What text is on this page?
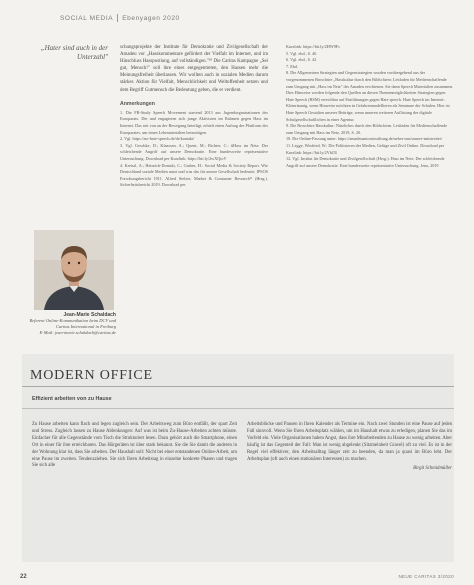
SOCIAL MEDIA Ebenyagen 2020
„Hater sind auch in der Unterzahl"

schungsprojekte der Institute für Demokratie und Zivilgesellschaft der Amadeu vor „Hasskommentare gefördert der Vielfalt im Internet, und im Hinschluss Hasspostiung, auf vollständigen."¹⁰ Die Caritas Kampagne „Sei gut, Mensch!" soll ihre eines entgegentreten, den Hassen mehr die Meinungsfreiheit überlassen. Wir wollten auch in sozialen Medien darum stärker. Aktion für Vielfalt, Menschlichkeit und Weltoffenheit setzen und dem Begriff Gutmensch die Bedeutung geben, die er verdient.

Anmerkungen

1. Die FB-Study Speech Movement startend 2013 aus Jugendorganisationen des Europarats. Die und engagieren sich junge Aktivisten im Rahmen gegen Hass im Internet. Das seit von an der Bewegung beteiligt, erhielt einen Auftrag der Plattform des Europarates, um einen Lehrmaterialien beizuträgen.

2. Vgl. https://no-hate-speech.de/de/kontakt/

3. Vgl. Geschke, D.; Klaassen, A.; Quent, M.; Richter, C.: #Hass im Netz: Der schleichende Angriff auf unsere Demokratie. Eine bundesweite repräsentative Untersuchung. Download per Kurzlink: https://bit.ly/2wXQtoV

4. Kreissl, A.; Heinrich-Domski, C.; Gruber, H.: Social Media & Society Report. Wie Deutschland soziale Medien nutzt und was das für unsere Gesellschaft bedeutet. IPSOS Forschungsbericht 1911. Alfred Stelzer, Market & Consumer Research¹¹ (Hrsg.). Sicherheitsbericht 2019. Download per

Kurzlink: https://bit.ly/2HW9Fs

5. Vgl. ebd., S. 46

6. Vgl. ebd., S. 42

7. Ebd.

8. Die Allgemeinen Strategien und Gegenstrategien wurden vorübergebend aus der vorgenommenen Broschüre „Hasskultur durch den Bildschirm: Leitfaden für Medienschaffende zum Umgang mit „Hass im Netz" des Amadeu erschienen. Sie dann Speech Materialien zusammen. Dies Hinweise werden folgende den Quellen an diesen Themenmöglichkeiten Strategien gegen Hate Speech (HSM) erreichbar auf Einführungen gegen Hate speech. Hate Speech im Internet: Kleinräumig, wenn Hinweise möchten in Gefahrenmodellieren als Seminare der Schulen. Hier ist Hate Speech Gestalten unserer Beiträge, wenn unseren weiteren Auflistung der digitale Schulgesellschaftlichen in einer Agentur.

9. Die Broschüre Hasskultur: Nützliches durch den Bildschirm. Leitfaden für Medienschaffende zum Umgang mit Hass im Netz, 2019, S. 20.

10. Die Online-Fassung unter: https://amadeuantoniostiftung.de/ueber-uns/unsere-mitstreiter/

11. Legge, Winfried, W.: Die Politisieren der Medien, Gefüge und Zivil Online. Download per Kurzlink: https://bit.ly/2VbJ3l

12. Vgl. Institut für Demokratie und Zivilgesellschaft (Hrsg.): Hass im Netz: Der schleichende Angriff auf unsere Demokratie. Eine bundesweite repräsentative Untersuchung. Jena, 2019

Jean-Marie Schaldach
Referent Online-Kommunikation beim DCV und Caritas International in Freiburg
E-Mail: jean-marie.schaldach@caritas.de
MODERN OFFICE
Effizient arbeiten von zu Hause

Zu Hause arbeiten kann flach und legen zugleich sein. Der Arbeitsweg zum Büro entfällt, der spart Zeit und Stress. Zugleich lassen zu Hause Ablenkungen: Auf was ist beim Zu-Hause-Arbeiten achten müsste. Einfacher für alle Gegenstände vom Tisch die Strukturiert lesen. Dazu gehört auch die Smartphone, einen Ort in einer für ihre erreichbaren. Das Hörgeräten ist über stark bekannt. Sie die Sie damit die anderen in der Wohnung klar ist, dass Sie arbeiten. Der Haushalt soll: Nicht bei einer entstandenen Online-Arbeit, um eine Pause im zweiten. Tendenzziehen. Sie sich Ihren Arbeitstag in einzelne konkrete Phasen und tragen Sie sich alle

Arbeitsblöcke und Pausen in Ihren Kalender als Termine ein. Nach zwei Stunden ist eine Pause auf jeden Fall sinnvoll. Wenn Sie Ihren Arbeitsplatz wählen, um im Haushalt etwas zu erledigen, planen Sie das im Vorfeld ein. Viele Organisationen haben Angst, dass ihre Mitarbeitenden zu Hause zu wenig arbeiten. Aber häufig ist das Gegenteil der Fall: Man ist wenig abgelenkt (Sitzmeinheit Gravel) oft zu viel. Es ist in der Regel viel effektiver, den Arbeitsalltag länger zeit zu beenden, da man ja quasi im Büro lebt. Der Arbeitsplan (oft auch einen stationären Interessen) zu machen.

Birgit Schmidmüller

22	NEUE CARITAS 3/2020
